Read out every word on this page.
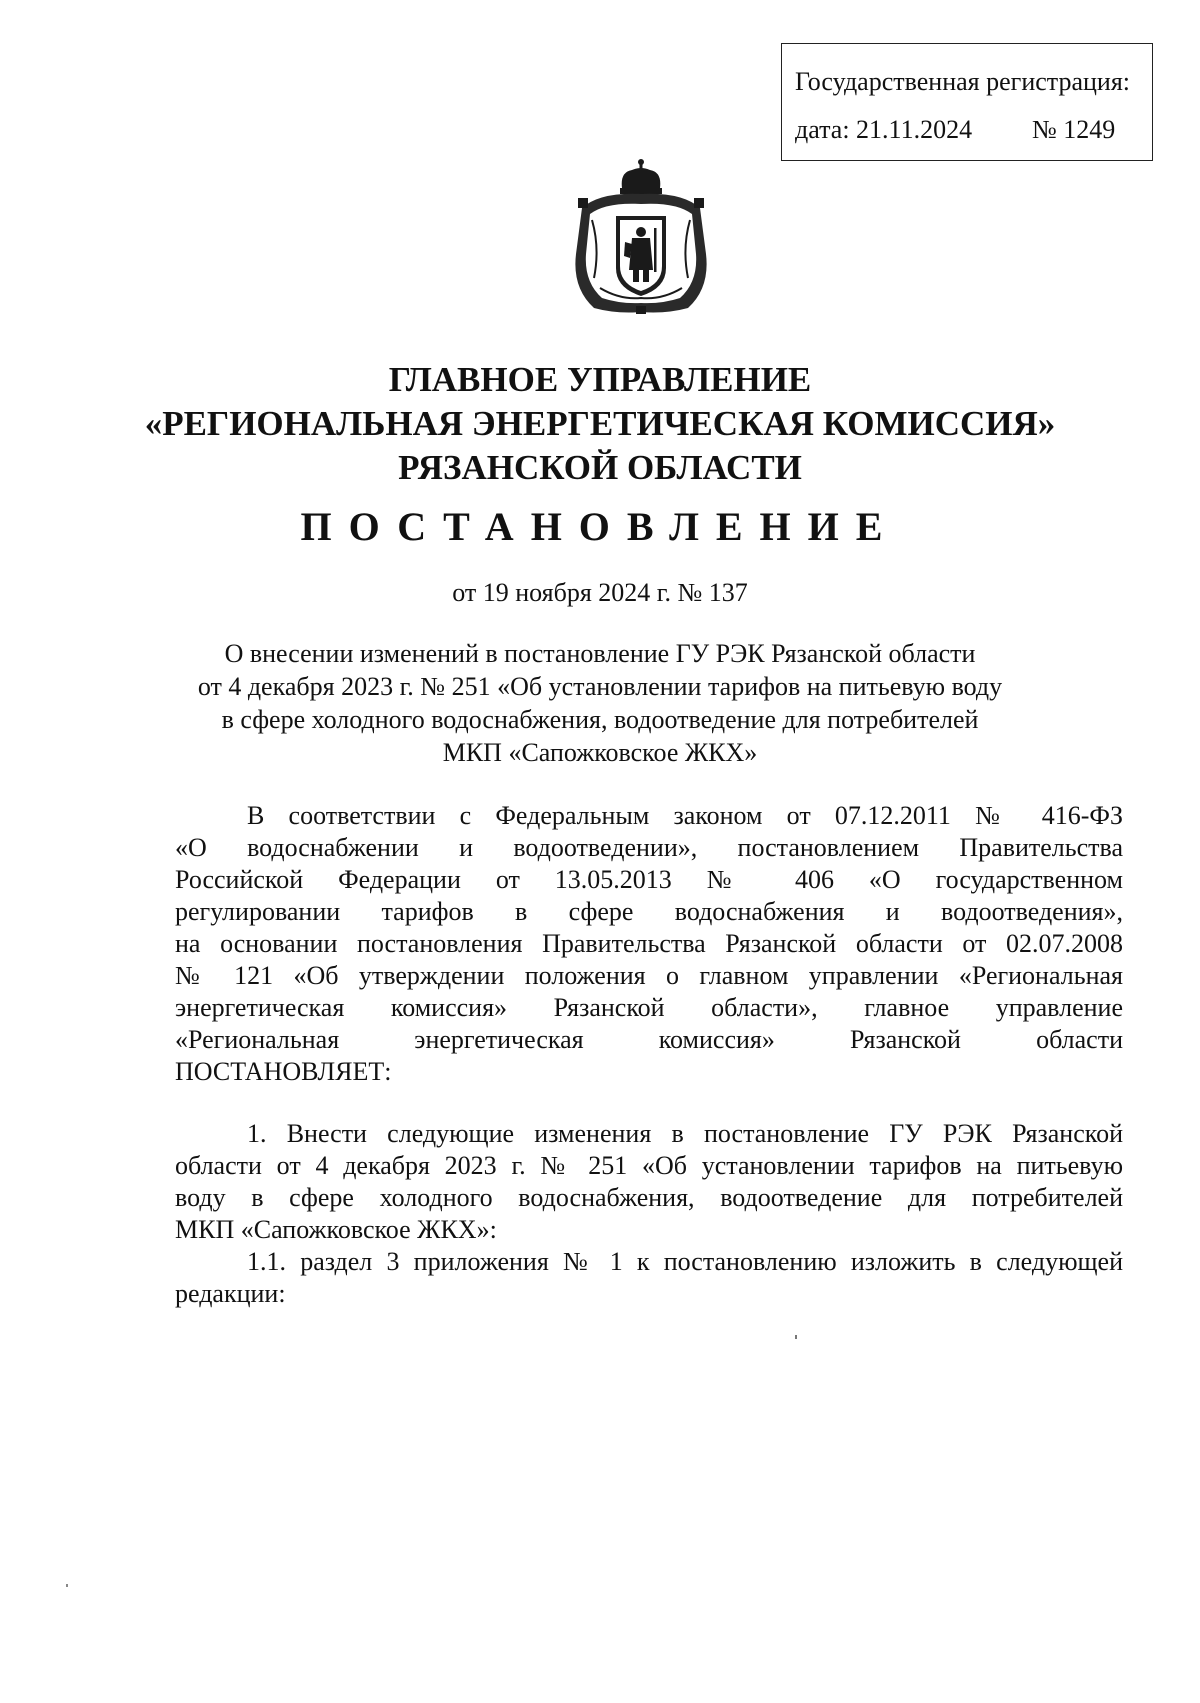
Государственная регистрация:
дата: 21.11.2024 № 1249
ГЛАВНОЕ УПРАВЛЕНИЕ
«РЕГИОНАЛЬНАЯ ЭНЕРГЕТИЧЕСКАЯ КОМИССИЯ»
РЯЗАНСКОЙ ОБЛАСТИ
ПОСТАНОВЛЕНИЕ
от 19 ноября 2024 г. № 137
О внесении изменений в постановление ГУ РЭК Рязанской области
от 4 декабря 2023 г. № 251 «Об установлении тарифов на питьевую воду
в сфере холодного водоснабжения, водоотведение для потребителей
МКП «Сапожковское ЖКХ»
В соответствии с Федеральным законом от 07.12.2011 № 416-ФЗ
«О водоснабжении и водоотведении», постановлением Правительства
Российской Федерации от 13.05.2013 № 406 «О государственном
регулировании тарифов в сфере водоснабжения и водоотведения»,
на основании постановления Правительства Рязанской области от 02.07.2008
№ 121 «Об утверждении положения о главном управлении «Региональная
энергетическая комиссия» Рязанской области», главное управление
«Региональная энергетическая комиссия» Рязанской области
ПОСТАНОВЛЯЕТ:
1. Внести следующие изменения в постановление ГУ РЭК Рязанской
области от 4 декабря 2023 г. № 251 «Об установлении тарифов на питьевую
воду в сфере холодного водоснабжения, водоотведение для потребителей
МКП «Сапожковское ЖКХ»:
1.1. раздел 3 приложения № 1 к постановлению изложить в следующей
редакции:
